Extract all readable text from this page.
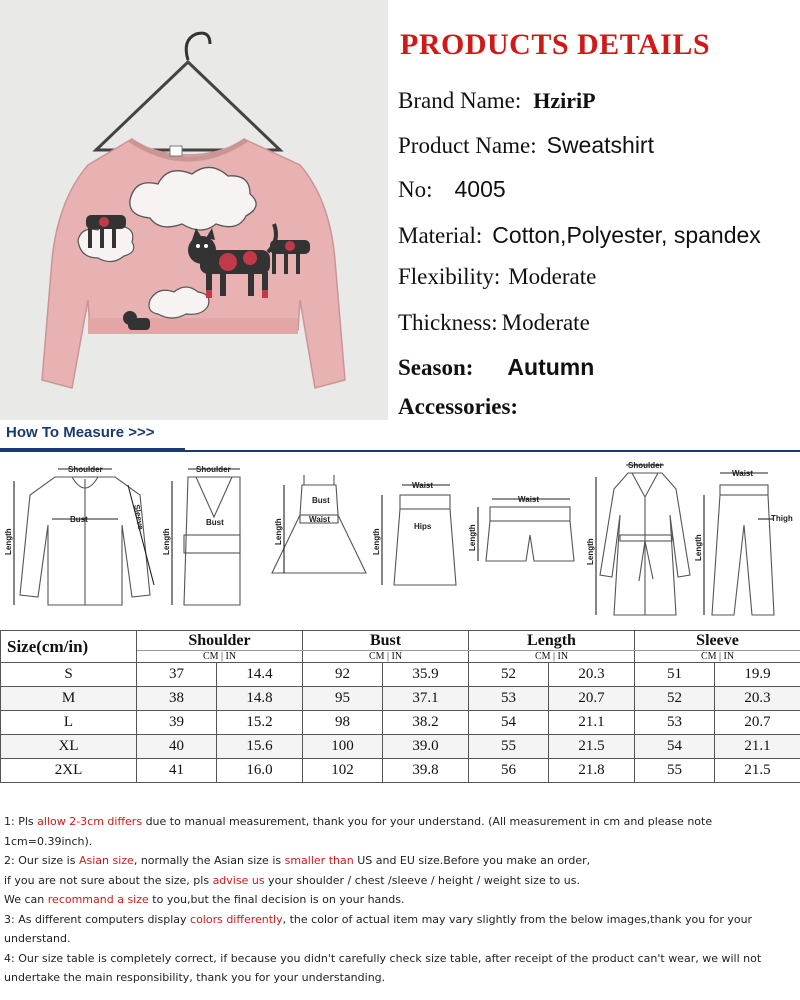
PRODUCTS DETAILS
Brand Name: HziriP
Product Name: Sweatshirt
No: 4005
Material: Cotton,Polyester, spandex
Flexibility: Moderate
Thickness: Moderate
Season: Autumn
Accessories:
How To Measure >>>
Shoulder
Bust
Length
Sleeve
Shoulder
Bust
Length
Bust
Waist
Length
Waist
Hips
Length
Waist
Length
Shoulder
Length
Waist
Thigh
Length
Size(cm/in)	Shoulder		Bust		Length		Sleeve	
	CM | IN		CM | IN		CM | IN		CM | IN	
S	37	14.4	92	35.9	52	20.3	51	19.9
M	38	14.8	95	37.1	53	20.7	52	20.3
L	39	15.2	98	38.2	54	21.1	53	20.7
XL	40	15.6	100	39.0	55	21.5	54	21.1
2XL	41	16.0	102	39.8	56	21.8	55	21.5

1: Pls allow 2-3cm differs due to manual measurement, thank you for your understand. (All measurement in cm and please note 1cm=0.39inch).

2: Our size is Asian size, normally the Asian size is smaller than US and EU size.Before you make an order,

if you are not sure about the size, pls advise us your shoulder / chest /sleeve / height / weight size to us.

We can recommand a size to you,but the final decision is on your hands.

3: As different computers display colors differently, the color of actual item may vary slightly from the below images,thank you for your understand.

4: Our size table is completely correct, if because you didn't carefully check size table, after receipt of the product can't wear, we will not undertake the main responsibility, thank you for your understanding.
